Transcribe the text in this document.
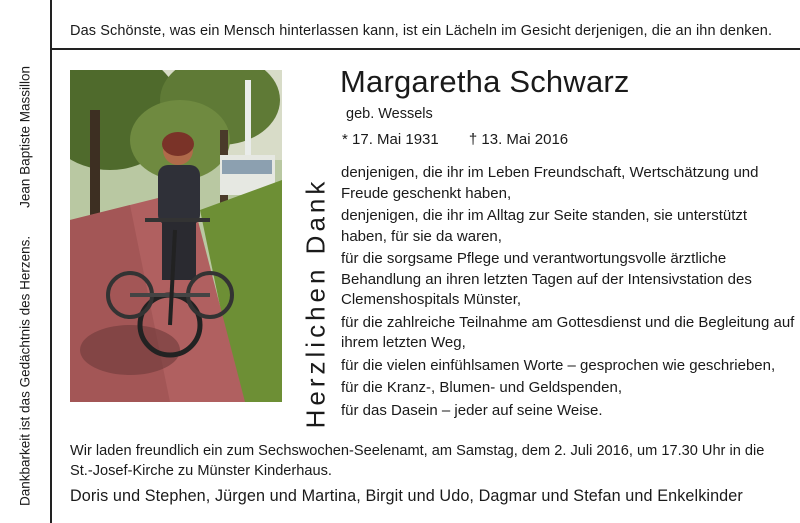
Das Schönste, was ein Mensch hinterlassen kann, ist ein Lächeln im Gesicht derjenigen, die an ihn denken.
Dankbarkeit ist das Gedächtnis des Herzens.
Jean Baptiste Massillon	Margaretha Schwarz
geb. Wessels
* 17. Mai 1931 † 13. Mai 2016
Herzlichen Dank

denjenigen, die ihr im Leben Freundschaft, Wertschätzung und Freude geschenkt haben,

denjenigen, die ihr im Alltag zur Seite standen, sie unterstützt haben, für sie da waren,

für die sorgsame Pflege und verantwortungsvolle ärztliche Behandlung an ihren letzten Tagen auf der Intensivstation des Clemenshospitals Münster,

für die zahlreiche Teilnahme am Gottesdienst und die Begleitung auf ihrem letzten Weg,

für die vielen einfühlsamen Worte – gesprochen wie geschrieben,

für die Kranz-, Blumen- und Geldspenden,

für das Dasein – jeder auf seine Weise.

Wir laden freundlich ein zum Sechswochen-Seelenamt, am Samstag, dem 2. Juli 2016, um 17.30 Uhr in die St.-Josef-Kirche zu Münster Kinderhaus.
Doris und Stephen, Jürgen und Martina, Birgit und Udo, Dagmar und Stefan und Enkelkinder
